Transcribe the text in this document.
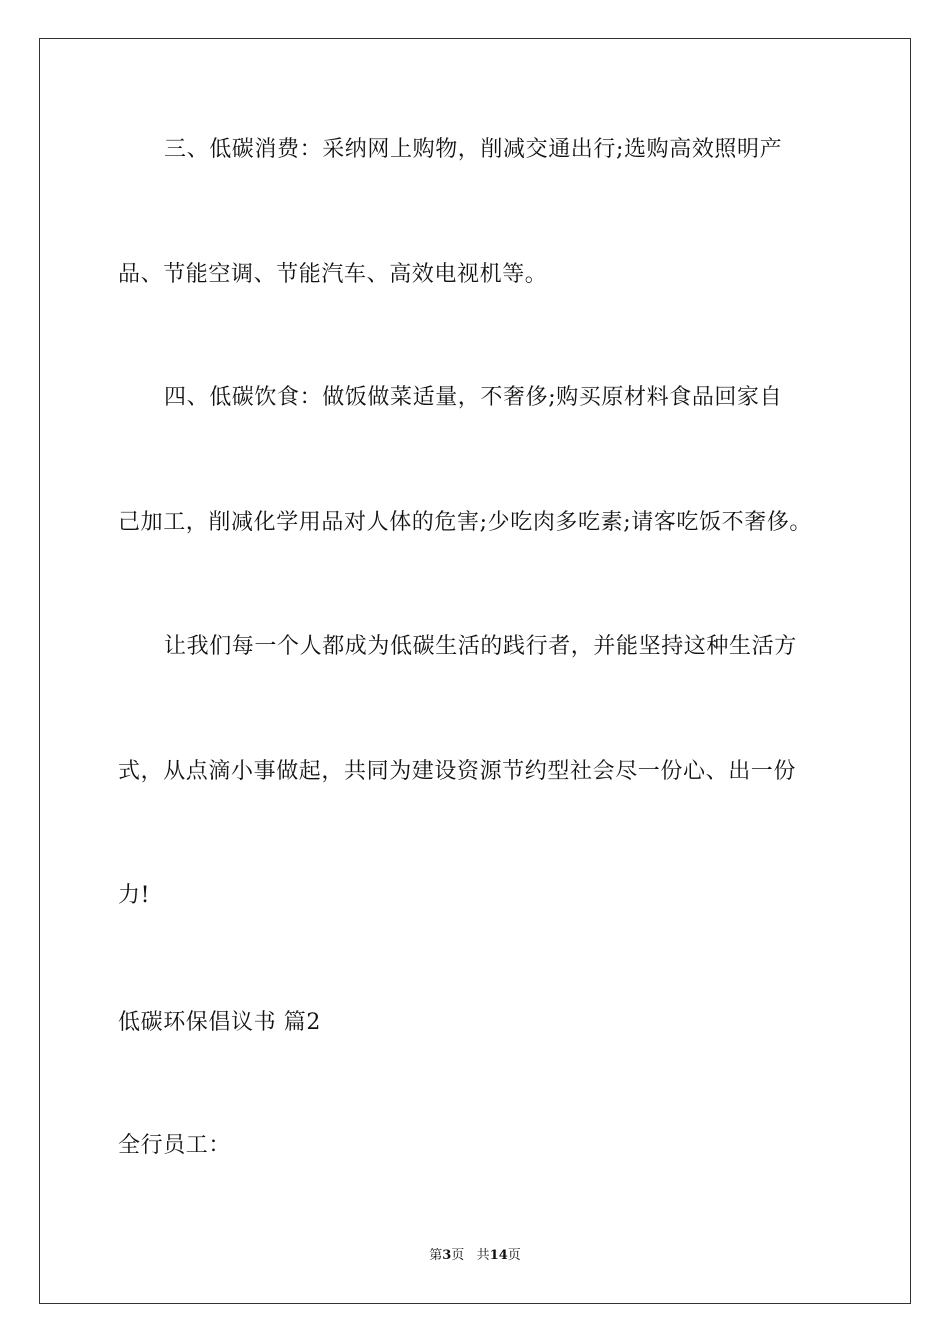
三、低碳消费：采纳网上购物，削减交通出行;选购高效照明产
品、节能空调、节能汽车、高效电视机等。
四、低碳饮食：做饭做菜适量，不奢侈;购买原材料食品回家自
己加工，削减化学用品对人体的危害;少吃肉多吃素;请客吃饭不奢侈。
让我们每一个人都成为低碳生活的践行者，并能坚持这种生活方
式，从点滴小事做起，共同为建设资源节约型社会尽一份心、出一份
力!
低碳环保倡议书 篇2
全行员工：
第3页 共14页
